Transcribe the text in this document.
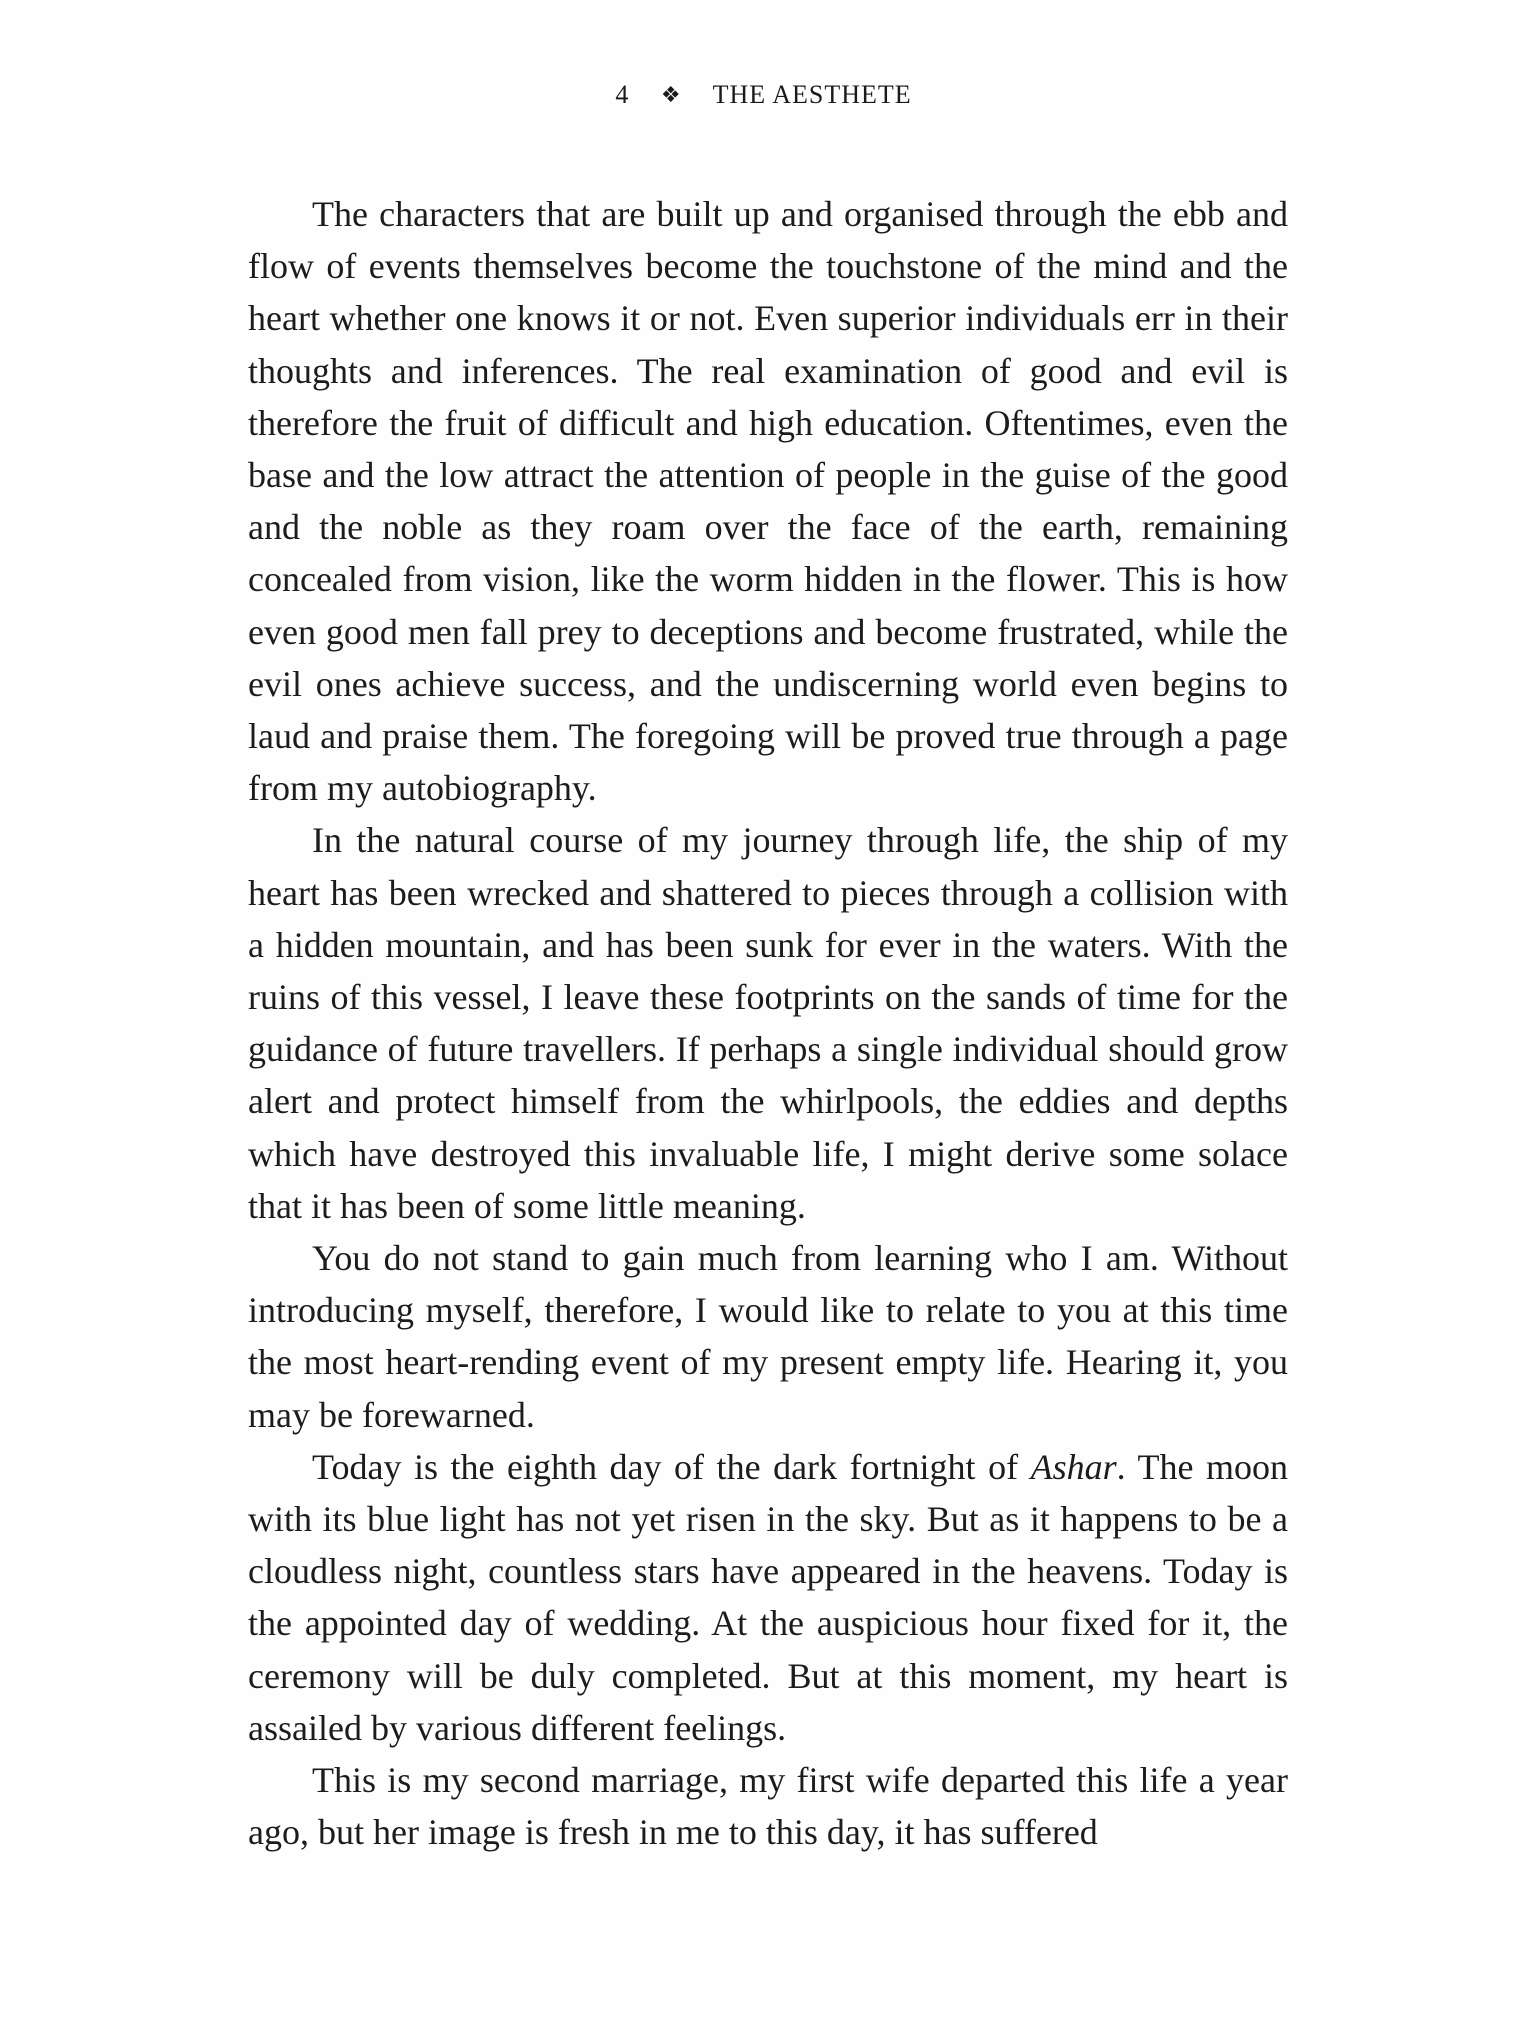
4 ❖ THE AESTHETE

The characters that are built up and organised through the ebb and flow of events themselves become the touchstone of the mind and the heart whether one knows it or not. Even superior individuals err in their thoughts and inferences. The real examination of good and evil is therefore the fruit of difficult and high education. Oftentimes, even the base and the low attract the attention of people in the guise of the good and the noble as they roam over the face of the earth, remaining concealed from vision, like the worm hidden in the flower. This is how even good men fall prey to deceptions and become frustrated, while the evil ones achieve success, and the undiscerning world even begins to laud and praise them. The foregoing will be proved true through a page from my autobiography.

In the natural course of my journey through life, the ship of my heart has been wrecked and shattered to pieces through a collision with a hidden mountain, and has been sunk for ever in the waters. With the ruins of this vessel, I leave these footprints on the sands of time for the guidance of future travellers. If perhaps a single individual should grow alert and protect himself from the whirlpools, the eddies and depths which have destroyed this invaluable life, I might derive some solace that it has been of some little meaning.

You do not stand to gain much from learning who I am. Without introducing myself, therefore, I would like to relate to you at this time the most heart-rending event of my present empty life. Hearing it, you may be forewarned.

Today is the eighth day of the dark fortnight of Ashar. The moon with its blue light has not yet risen in the sky. But as it happens to be a cloudless night, countless stars have appeared in the heavens. Today is the appointed day of wedding. At the auspicious hour fixed for it, the ceremony will be duly completed. But at this moment, my heart is assailed by various different feelings.

This is my second marriage, my first wife departed this life a year ago, but her image is fresh in me to this day, it has suffered
